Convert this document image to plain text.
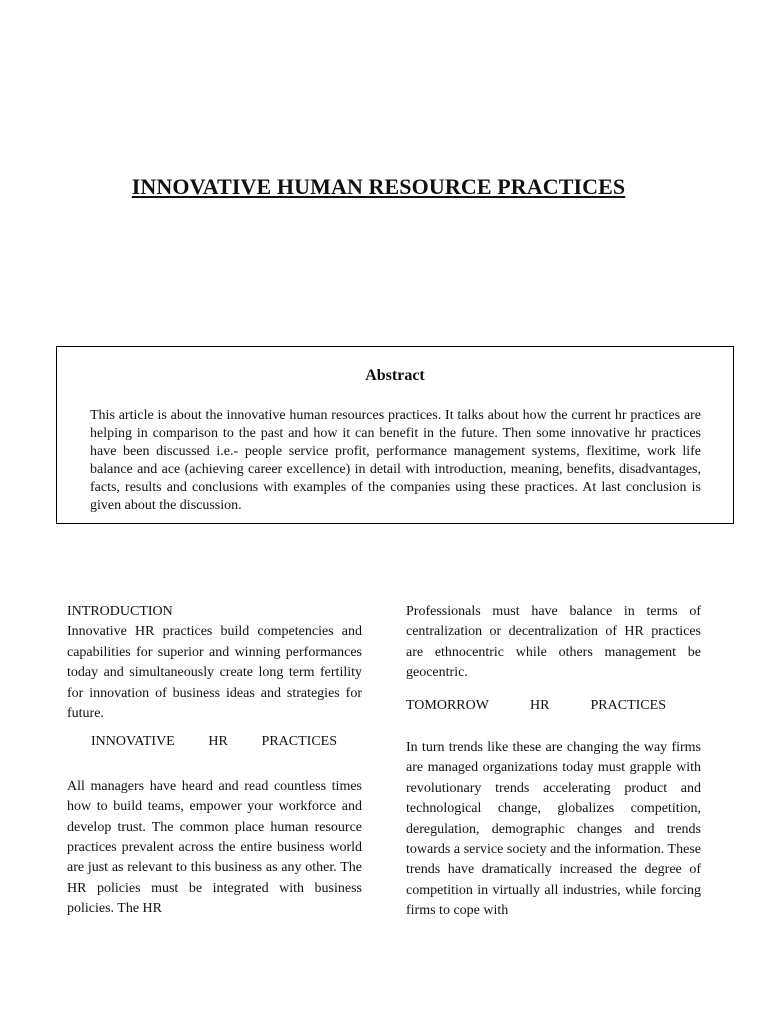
INNOVATIVE HUMAN RESOURCE PRACTICES
Abstract

This article is about the innovative human resources practices. It talks about how the current hr practices are helping in comparison to the past and how it can benefit in the future. Then some innovative hr practices have been discussed i.e.- people service profit, performance management systems, flexitime, work life balance and ace (achieving career excellence) in detail with introduction, meaning, benefits, disadvantages, facts, results and conclusions with examples of the companies using these practices. At last conclusion is given about the discussion.

INTRODUCTION

Innovative HR practices build competencies and capabilities for superior and winning performances today and simultaneously create long term fertility for innovation of business ideas and strategies for future.

INNOVATIVE HR PRACTICES

All managers have heard and read countless times how to build teams, empower your workforce and develop trust. The common place human resource practices prevalent across the entire business world are just as relevant to this business as any other. The HR policies must be integrated with business policies. The HR

Professionals must have balance in terms of centralization or decentralization of HR practices are ethnocentric while others management be geocentric.

TOMORROW	HR	PRACTICES

In turn trends like these are changing the way firms are managed organizations today must grapple with revolutionary trends accelerating product and technological change, globalizes competition, deregulation, demographic changes and trends towards a service society and the information. These trends have dramatically increased the degree of competition in virtually all industries, while forcing firms to cope with
